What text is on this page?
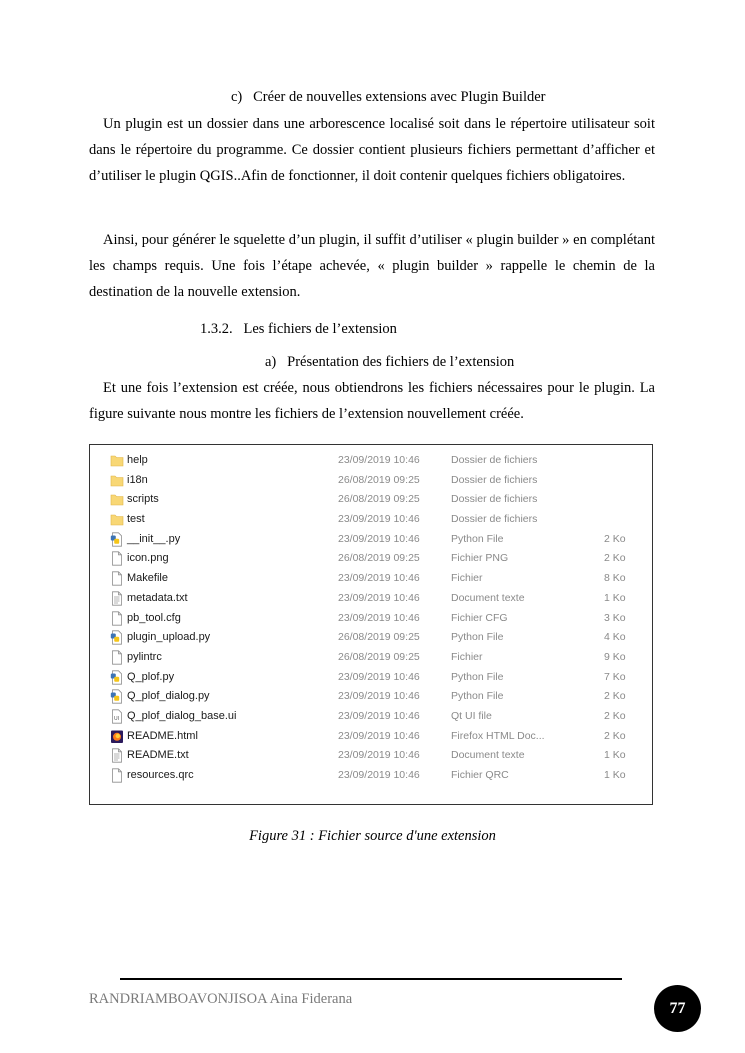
c)  Créer de nouvelles extensions avec Plugin Builder
Un plugin est un dossier dans une arborescence localisé soit dans le répertoire utilisateur soit dans le répertoire du programme. Ce dossier contient plusieurs fichiers permettant d’afficher et d’utiliser le plugin QGIS..Afin de fonctionner, il doit contenir quelques fichiers obligatoires.
Ainsi, pour générer le squelette d’un plugin, il suffit d’utiliser « plugin builder » en complétant les champs requis. Une fois l’étape achevée, « plugin builder » rappelle le chemin de la destination de la nouvelle extension.
1.3.2.  Les fichiers de l’extension
a)  Présentation des fichiers de l’extension
Et une fois l’extension est créée, nous obtiendrons les fichiers nécessaires pour le plugin. La figure suivante nous montre les fichiers de l’extension nouvellement créée.
help	23/09/2019 10:46	Dossier de fichiers
i18n	26/08/2019 09:25	Dossier de fichiers
scripts	26/08/2019 09:25	Dossier de fichiers
test	23/09/2019 10:46	Dossier de fichiers
__init__.py	23/09/2019 10:46	Python File	2 Ko
icon.png	26/08/2019 09:25	Fichier PNG	2 Ko
Makefile	23/09/2019 10:46	Fichier	8 Ko
metadata.txt	23/09/2019 10:46	Document texte	1 Ko
pb_tool.cfg	23/09/2019 10:46	Fichier CFG	3 Ko
plugin_upload.py	26/08/2019 09:25	Python File	4 Ko
pylintrc	26/08/2019 09:25	Fichier	9 Ko
Q_plof.py	23/09/2019 10:46	Python File	7 Ko
Q_plof_dialog.py	23/09/2019 10:46	Python File	2 Ko
UI Q_plof_dialog_base.ui	23/09/2019 10:46	Qt UI file	2 Ko
README.html	23/09/2019 10:46	Firefox HTML Doc...	2 Ko
README.txt	23/09/2019 10:46	Document texte	1 Ko
resources.qrc	23/09/2019 10:46	Fichier QRC	1 Ko
Figure 31 : Fichier source d'une extension
RANDRIAMBOAVONJISOA Aina Fiderana
77
